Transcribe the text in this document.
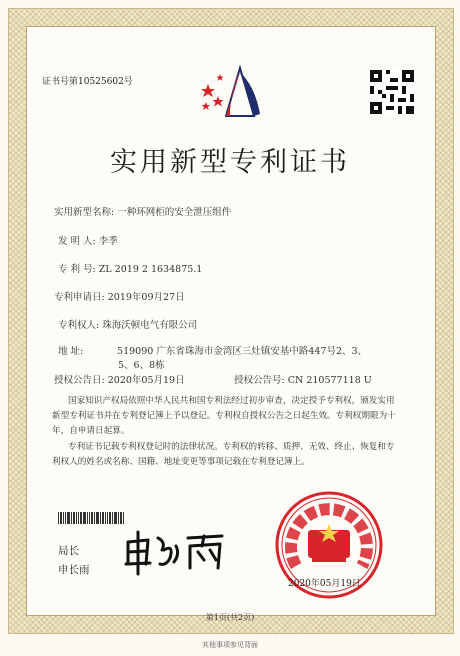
证书号第10525602号
实用新型专利证书
实用新型名称: 一种环网柜的安全泄压组件
发 明 人: 李季
专 利 号: ZL 2019 2 1634875.1
专利申请日: 2019年09月27日
专利权人: 珠海沃顿电气有限公司
地 址:	519090 广东省珠海市金湾区三灶镇安基中路447号2、3、
5、6、8栋
授权公告日: 2020年05月19日	授权公告号: CN 210577118 U
国家知识产权局依照中华人民共和国专利法经过初步审查，决定授予专利权，颁发实用
新型专利证书并在专利登记簿上予以登记。专利权自授权公告之日起生效。专利权期限为十
年，自申请日起算。
专利证书记载专利权登记时的法律状况。专利权的转移、质押、无效、终止、恢复和专
利权人的姓名或名称、国籍、地址变更等事项记载在专利登记簿上。
局长
申长雨
2020年05月19日
第1页(共2页)
其他事项参见背面
